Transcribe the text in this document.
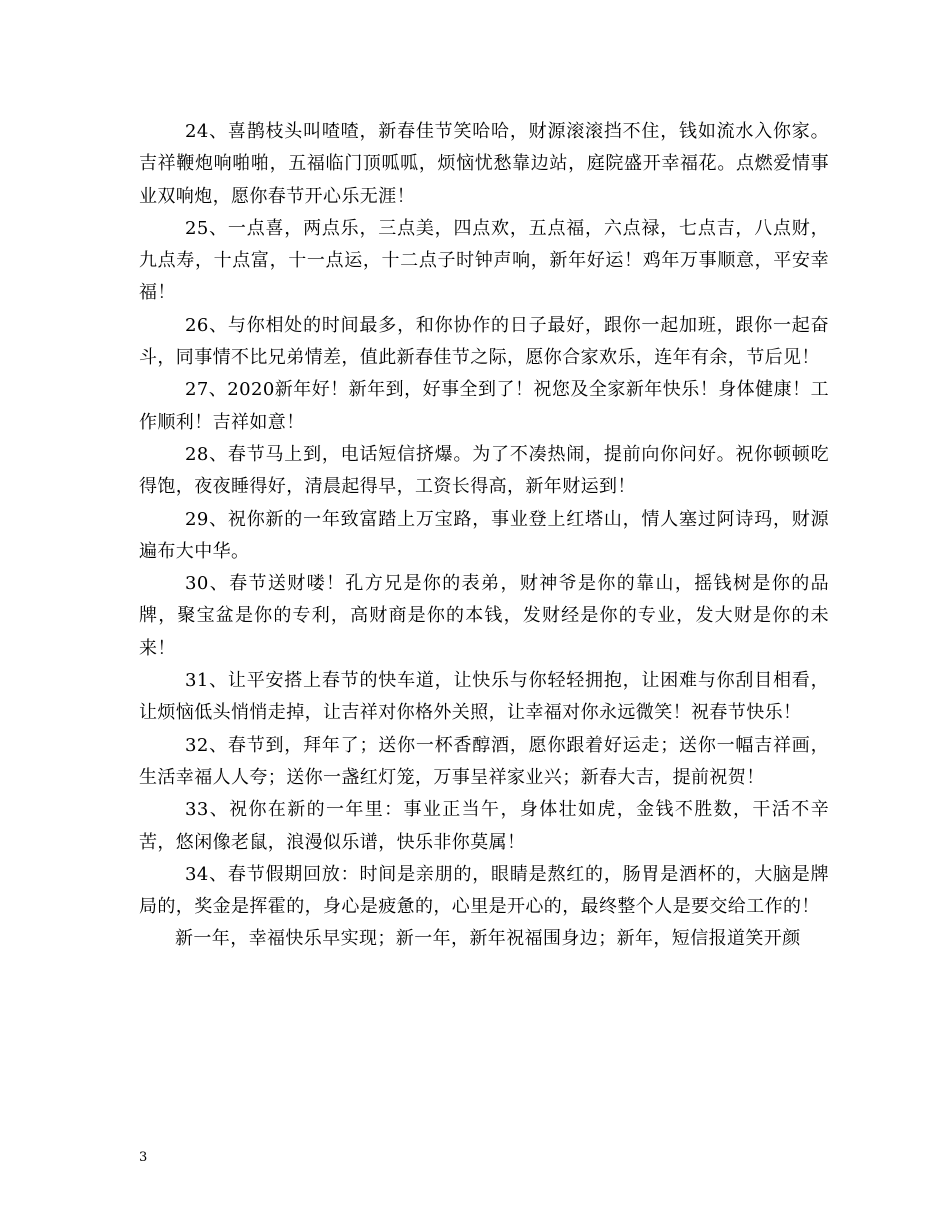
24、喜鹊枝头叫喳喳，新春佳节笑哈哈，财源滚滚挡不住，钱如流水入你家。吉祥鞭炮响啪啪，五福临门顶呱呱，烦恼忧愁靠边站，庭院盛开幸福花。点燃爱情事业双响炮，愿你春节开心乐无涯！

25、一点喜，两点乐，三点美，四点欢，五点福，六点禄，七点吉，八点财，九点寿，十点富，十一点运，十二点子时钟声响，新年好运！鸡年万事顺意，平安幸福！

26、与你相处的时间最多，和你协作的日子最好，跟你一起加班，跟你一起奋斗，同事情不比兄弟情差，值此新春佳节之际，愿你合家欢乐，连年有余，节后见！

27、2020新年好！新年到，好事全到了！祝您及全家新年快乐！身体健康！工作顺利！吉祥如意！

28、春节马上到，电话短信挤爆。为了不凑热闹，提前向你问好。祝你顿顿吃得饱，夜夜睡得好，清晨起得早，工资长得高，新年财运到！

29、祝你新的一年致富踏上万宝路，事业登上红塔山，情人塞过阿诗玛，财源遍布大中华。

30、春节送财喽！孔方兄是你的表弟，财神爷是你的靠山，摇钱树是你的品牌，聚宝盆是你的专利，高财商是你的本钱，发财经是你的专业，发大财是你的未来！

31、让平安搭上春节的快车道，让快乐与你轻轻拥抱，让困难与你刮目相看，让烦恼低头悄悄走掉，让吉祥对你格外关照，让幸福对你永远微笑！祝春节快乐！

32、春节到，拜年了；送你一杯香醇酒，愿你跟着好运走；送你一幅吉祥画，生活幸福人人夸；送你一盏红灯笼，万事呈祥家业兴；新春大吉，提前祝贺！

33、祝你在新的一年里：事业正当午，身体壮如虎，金钱不胜数，干活不辛苦，悠闲像老鼠，浪漫似乐谱，快乐非你莫属！

34、春节假期回放：时间是亲朋的，眼睛是熬红的，肠胃是酒杯的，大脑是牌局的，奖金是挥霍的，身心是疲惫的，心里是开心的，最终整个人是要交给工作的！

新一年，幸福快乐早实现；新一年，新年祝福围身边；新年，短信报道笑开颜

3
